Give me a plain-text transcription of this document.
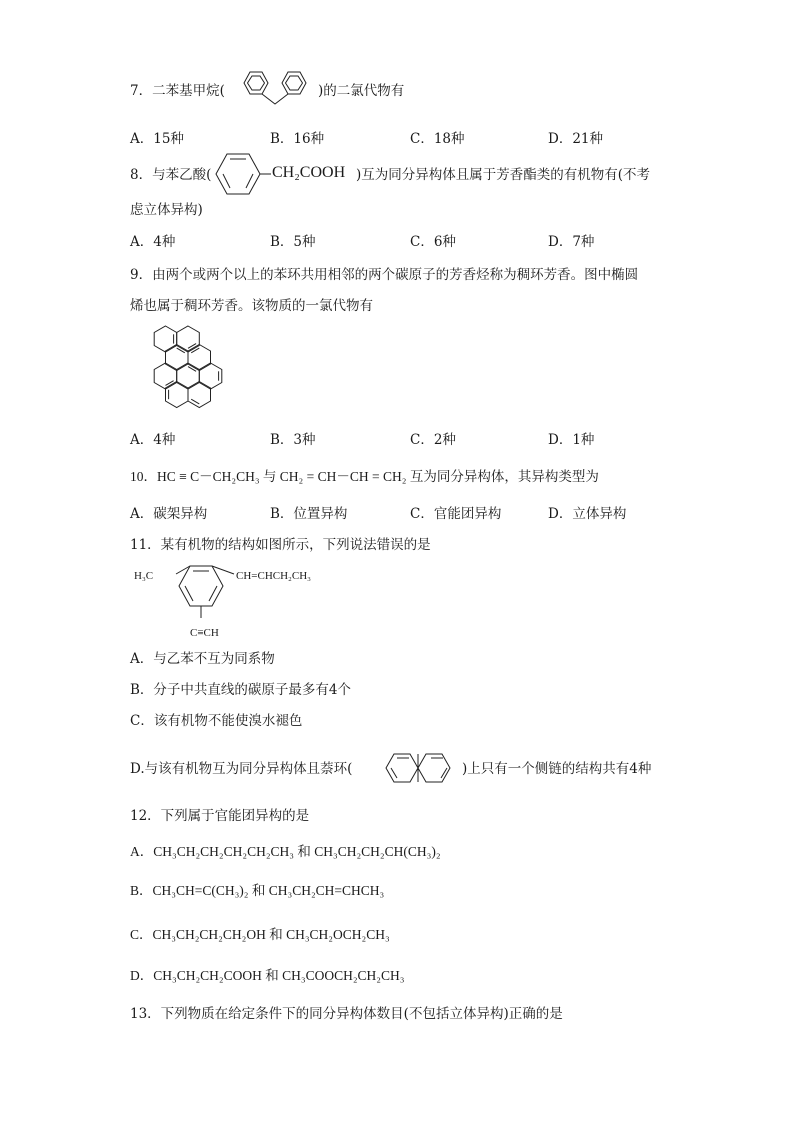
7．二苯基甲烷(	)的二氯代物有
A．15种	B．16种	C．18种	D．21种
8．与苯乙酸(	CH₂COOH )互为同分异构体且属于芳香酯类的有机物有(不考
虑立体异构)
A．4种	B．5种	C．6种	D．7种
9．由两个或两个以上的苯环共用相邻的两个碳原子的芳香烃称为稠环芳香。图中椭圆
烯也属于稠环芳香。该物质的一氯代物有
A．4种	B．3种	C．2种	D．1种
10．HC ≡ C－CH₂CH₃ 与 CH₂ = CH－CH = CH₂ 互为同分异构体，其异构类型为
A．碳架异构	B．位置异构	C．官能团异构	D．立体异构
11．某有机物的结构如图所示，下列说法错误的是
H₃C	CH=CHCH₂CH₃
C≡CH
A．与乙苯不互为同系物
B．分子中共直线的碳原子最多有4个
C．该有机物不能使溴水褪色
D.与该有机物互为同分异构体且萘环(	)上只有一个侧链的结构共有4种
12．下列属于官能团异构的是
A．CH₃CH₂CH₂CH₂CH₂CH₃ 和 CH₃CH₂CH₂CH(CH₃)₂
B．CH₃CH=C(CH₃)₂ 和 CH₃CH₂CH=CHCH₃
C．CH₃CH₂CH₂CH₂OH 和 CH₃CH₂OCH₂CH₃
D．CH₃CH₂CH₂COOH 和 CH₃COOCH₂CH₂CH₃
13．下列物质在给定条件下的同分异构体数目(不包括立体异构)正确的是
